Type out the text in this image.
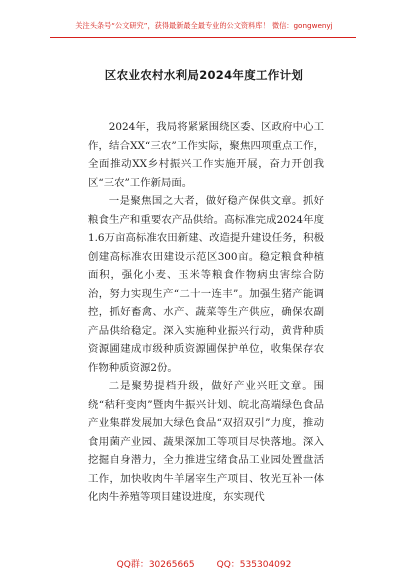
关注头条号“公文研究”，获得最新最全最专业的公文资料库！ 微信：gongwenyj
区农业农村水利局2024年度工作计划

2024年，我局将紧紧围绕区委、区政府中心工作，结合XX“三农”工作实际，聚焦四项重点工作，全面推动XX乡村振兴工作实施开展，奋力开创我区“三农”工作新局面。

一是聚焦国之大者，做好稳产保供文章。抓好粮食生产和重要农产品供给。高标准完成2024年度1.6万亩高标准农田新建、改造提升建设任务，积极创建高标准农田建设示范区300亩。稳定粮食种植面积，强化小麦、玉米等粮食作物病虫害综合防治，努力实现生产“二十一连丰”。加强生猪产能调控，抓好畜禽、水产、蔬菜等生产供应，确保农副产品供给稳定。深入实施种业振兴行动，黄背种质资源圃建成市级种质资源圃保护单位，收集保存农作物种质资源2份。

二是聚势提档升级，做好产业兴旺文章。围绕“秸秆变肉”暨肉牛振兴计划、皖北高端绿色食品产业集群发展加大绿色食品“双招双引”力度，推动食用菌产业园、蔬果深加工等项目尽快落地。深入挖掘自身潜力，全力推进宝绪食品工业园处置盘活工作，加快收肉牛羊屠宰生产项目、牧光互补一体化肉牛养殖等项目建设进度，东实现代

QQ群：30265665 QQ：535304092
